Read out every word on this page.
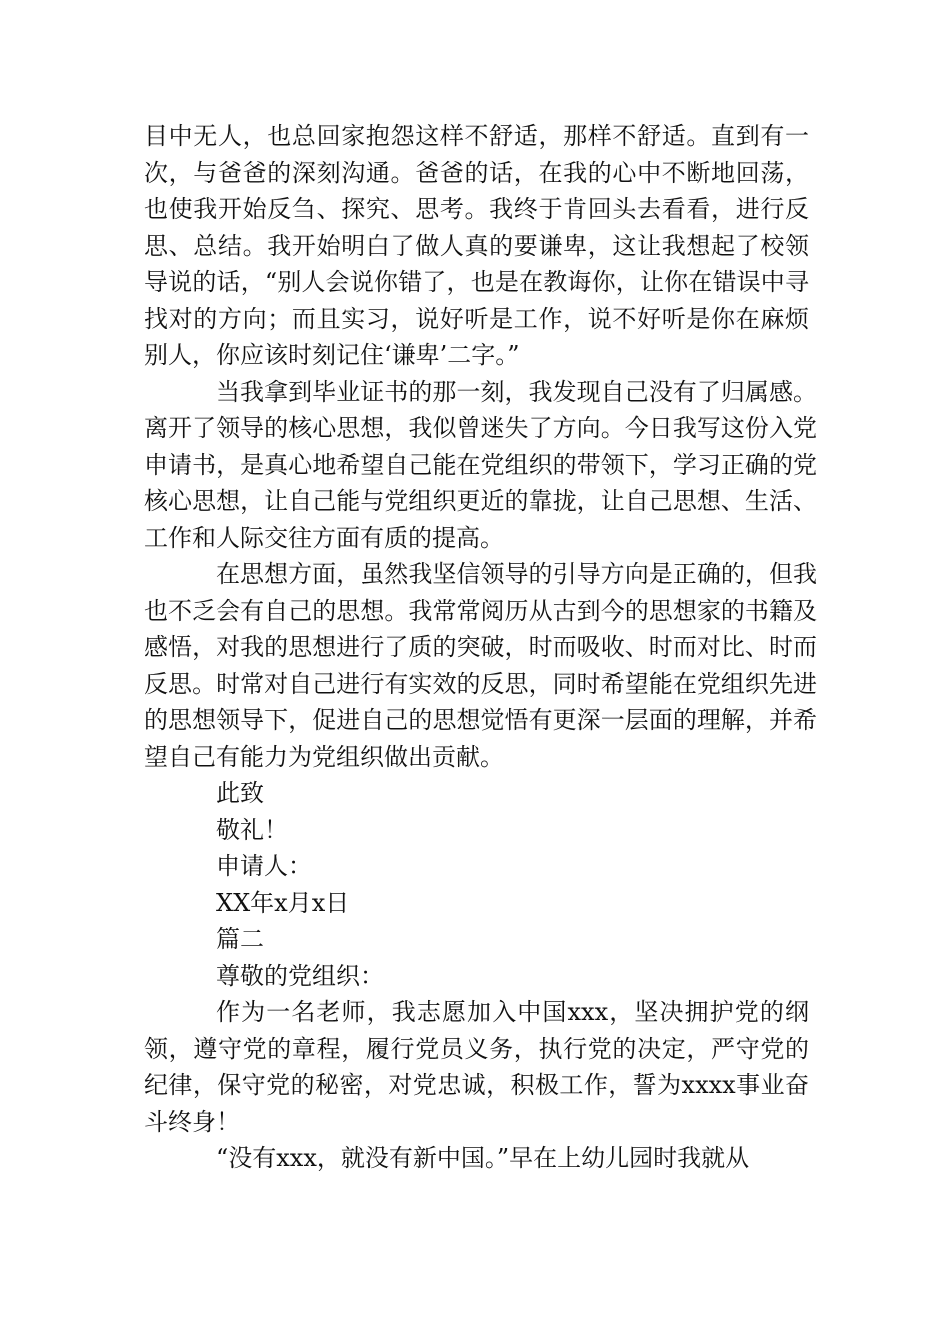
目中无人，也总回家抱怨这样不舒适，那样不舒适。直到有一次，与爸爸的深刻沟通。爸爸的话，在我的心中不断地回荡，也使我开始反刍、探究、思考。我终于肯回头去看看，进行反思、总结。我开始明白了做人真的要谦卑，这让我想起了校领导说的话，“别人会说你错了，也是在教诲你，让你在错误中寻找对的方向；而且实习，说好听是工作，说不好听是你在麻烦别人，你应该时刻记住‘谦卑’二字。”

当我拿到毕业证书的那一刻，我发现自己没有了归属感。离开了领导的核心思想，我似曾迷失了方向。今日我写这份入党申请书，是真心地希望自己能在党组织的带领下，学习正确的党核心思想，让自己能与党组织更近的靠拢，让自己思想、生活、工作和人际交往方面有质的提高。

在思想方面，虽然我坚信领导的引导方向是正确的，但我也不乏会有自己的思想。我常常阅历从古到今的思想家的书籍及感悟，对我的思想进行了质的突破，时而吸收、时而对比、时而反思。时常对自己进行有实效的反思，同时希望能在党组织先进的思想领导下，促进自己的思想觉悟有更深一层面的理解，并希望自己有能力为党组织做出贡献。

此致

敬礼！

申请人：

XX年x月x日

篇二

尊敬的党组织：

作为一名老师，我志愿加入中国xxx，坚决拥护党的纲领，遵守党的章程，履行党员义务，执行党的决定，严守党的纪律，保守党的秘密，对党忠诚，积极工作，誓为xxxx事业奋斗终身！

“没有xxx，就没有新中国。”早在上幼儿园时我就从
